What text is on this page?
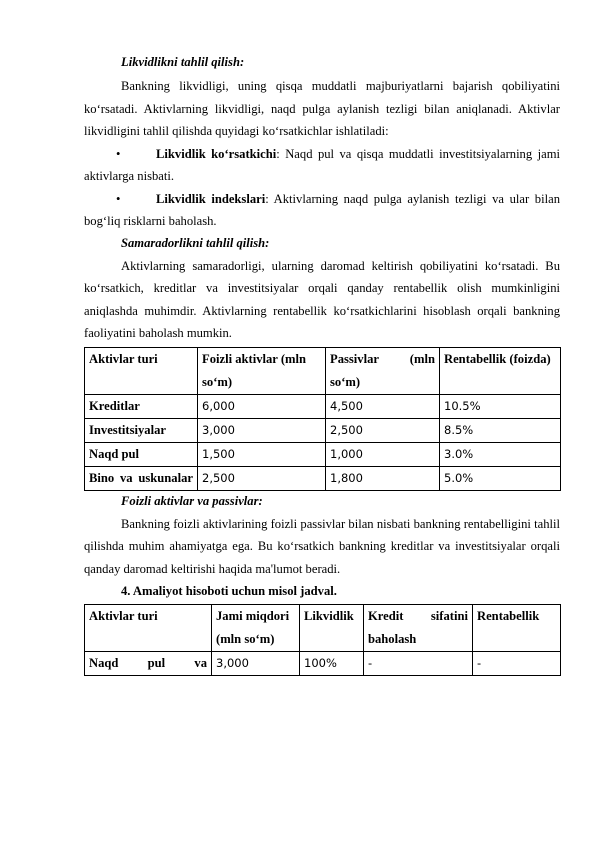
Likvidlikni tahlil qilish:

Bankning likvidligi, uning qisqa muddatli majburiyatlarni bajarish qobiliyatini ko‘rsatadi. Aktivlarning likvidligi, naqd pulga aylanish tezligi bilan aniqlanadi. Aktivlar likvidligini tahlil qilishda quyidagi ko‘rsatkichlar ishlatiladi:

•	Likvidlik ko‘rsatkichi: Naqd pul va qisqa muddatli investitsiyalarning jami aktivlarga nisbati.

•	Likvidlik indekslari: Aktivlarning naqd pulga aylanish tezligi va ular bilan bog‘liq risklarni baholash.

Samaradorlikni tahlil qilish:

Aktivlarning samaradorligi, ularning daromad keltirish qobiliyatini ko‘rsatadi. Bu ko‘rsatkich, kreditlar va investitsiyalar orqali qanday rentabellik olish mumkinligini aniqlashda muhimdir. Aktivlarning rentabellik ko‘rsatkichlarini hisoblash orqali bankning faoliyatini baholash mumkin.

Aktivlar turi	Foizli aktivlar (mln so‘m)	Passivlar (mln so‘m)	Rentabellik (foizda)
Kreditlar	6,000	4,500	10.5%
Investitsiyalar	3,000	2,500	8.5%
Naqd pul	1,500	1,000	3.0%
Bino va uskunalar	2,500	1,800	5.0%

Foizli aktivlar va passivlar:

Bankning foizli aktivlarining foizli passivlar bilan nisbati bankning rentabelligini tahlil qilishda muhim ahamiyatga ega. Bu ko‘rsatkich bankning kreditlar va investitsiyalar orqali qanday daromad keltirishi haqida ma'lumot beradi.

4. Amaliyot hisoboti uchun misol jadval.

Aktivlar turi	Jami miqdori (mln so‘m)	Likvidlik	Kredit sifatini baholash	Rentabellik
Naqd pul va	3,000	100%	-	-
